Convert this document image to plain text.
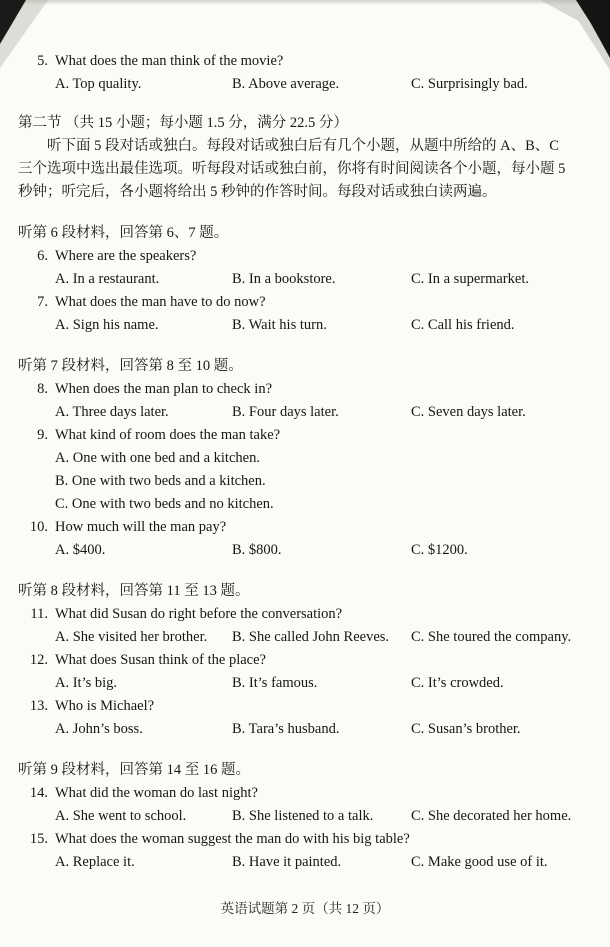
5. What does the man think of the movie?
A. Top quality.	B. Above average.	C. Surprisingly bad.
第二节 （共 15 小题；每小题 1.5 分，满分 22.5 分）
听下面 5 段对话或独白。每段对话或独白后有几个小题，从题中所给的 A、B、C
三个选项中选出最佳选项。听每段对话或独白前，你将有时间阅读各个小题，每小题 5
秒钟；听完后，各小题将给出 5 秒钟的作答时间。每段对话或独白读两遍。
听第 6 段材料，回答第 6、7 题。
6. Where are the speakers?
A. In a restaurant.	B. In a bookstore.	C. In a supermarket.
7. What does the man have to do now?
A. Sign his name.	B. Wait his turn.	C. Call his friend.
听第 7 段材料，回答第 8 至 10 题。
8. When does the man plan to check in?
A. Three days later.	B. Four days later.	C. Seven days later.
9. What kind of room does the man take?
A. One with one bed and a kitchen.
B. One with two beds and a kitchen.
C. One with two beds and no kitchen.
10. How much will the man pay?
A. $400.	B. $800.	C. $1200.
听第 8 段材料，回答第 11 至 13 题。
11. What did Susan do right before the conversation?
A. She visited her brother.	B. She called John Reeves.	C. She toured the company.
12. What does Susan think of the place?
A. It’s big.	B. It’s famous.	C. It’s crowded.
13. Who is Michael?
A. John’s boss.	B. Tara’s husband.	C. Susan’s brother.
听第 9 段材料，回答第 14 至 16 题。
14. What did the woman do last night?
A. She went to school.	B. She listened to a talk.	C. She decorated her home.
15. What does the woman suggest the man do with his big table?
A. Replace it.	B. Have it painted.	C. Make good use of it.
英语试题第 2 页（共 12 页）
